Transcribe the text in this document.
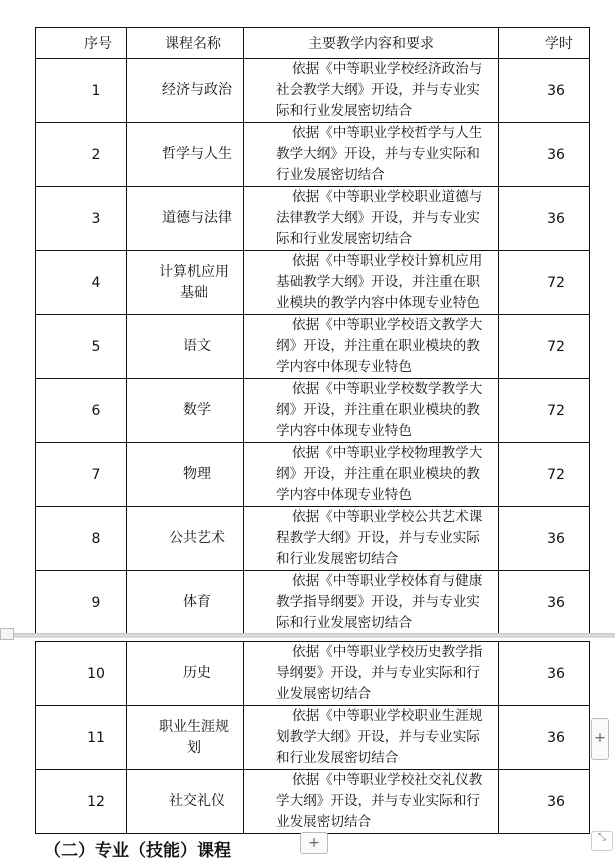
序号	课程名称	主要教学内容和要求	学时
1	经济与政治	依据《中等职业学校经济政治与
社会教学大纲》开设，并与专业实
际和行业发展密切结合	36
2	哲学与人生	依据《中等职业学校哲学与人生
教学大纲》开设，并与专业实际和
行业发展密切结合	36
3	道德与法律	依据《中等职业学校职业道德与
法律教学大纲》开设，并与专业实
际和行业发展密切结合	36
4	计算机应用基础	依据《中等职业学校计算机应用
基础教学大纲》开设，并注重在职
业模块的教学内容中体现专业特色	72
5	语文	依据《中等职业学校语文教学大
纲》开设，并注重在职业模块的教
学内容中体现专业特色	72
6	数学	依据《中等职业学校数学教学大
纲》开设，并注重在职业模块的教
学内容中体现专业特色	72
7	物理	依据《中等职业学校物理教学大
纲》开设，并注重在职业模块的教
学内容中体现专业特色	72
8	公共艺术	依据《中等职业学校公共艺术课
程教学大纲》开设，并与专业实际
和行业发展密切结合	36
9	体育	依据《中等职业学校体育与健康
教学指导纲要》开设，并与专业实
际和行业发展密切结合	36
10	历史	依据《中等职业学校历史教学指
导纲要》开设，并与专业实际和行
业发展密切结合	36
11	职业生涯规划	依据《中等职业学校职业生涯规
划教学大纲》开设，并与专业实际
和行业发展密切结合	36
12	社交礼仪	依据《中等职业学校社交礼仪教
学大纲》开设，并与专业实际和行
业发展密切结合	36
+
+	⤡
（二）专业（技能）课程
